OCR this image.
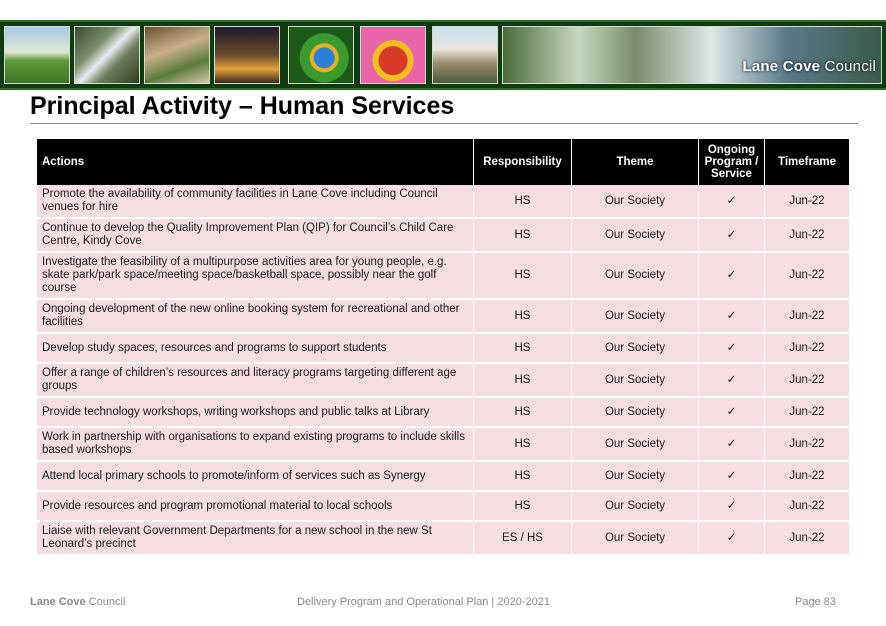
Lane Cove Council
Principal Activity – Human Services
Actions	Responsibility	Theme	Ongoing Program / Service	Timeframe
Promote the availability of community facilities in Lane Cove including Council venues for hire	HS	Our Society	✓	Jun-22
Continue to develop the Quality Improvement Plan (QIP) for Council’s Child Care Centre, Kindy Cove	HS	Our Society	✓	Jun-22
Investigate the feasibility of a multipurpose activities area for young people, e.g. skate park/park space/meeting space/basketball space, possibly near the golf course	HS	Our Society	✓	Jun-22
Ongoing development of the new online booking system for recreational and other facilities	HS	Our Society	✓	Jun-22
Develop study spaces, resources and programs to support students	HS	Our Society	✓	Jun-22
Offer a range of children’s resources and literacy programs targeting different age groups	HS	Our Society	✓	Jun-22
Provide technology workshops, writing workshops and public talks at Library	HS	Our Society	✓	Jun-22
Work in partnership with organisations to expand existing programs to include skills based workshops	HS	Our Society	✓	Jun-22
Attend local primary schools to promote/inform of services such as Synergy	HS	Our Society	✓	Jun-22
Provide resources and program promotional material to local schools	HS	Our Society	✓	Jun-22
Liaise with relevant Government Departments for a new school in the new St Leonard’s precinct	ES / HS	Our Society	✓	Jun-22
Lane Cove Council	Delivery Program and Operational Plan | 2020-2021	Page 83
